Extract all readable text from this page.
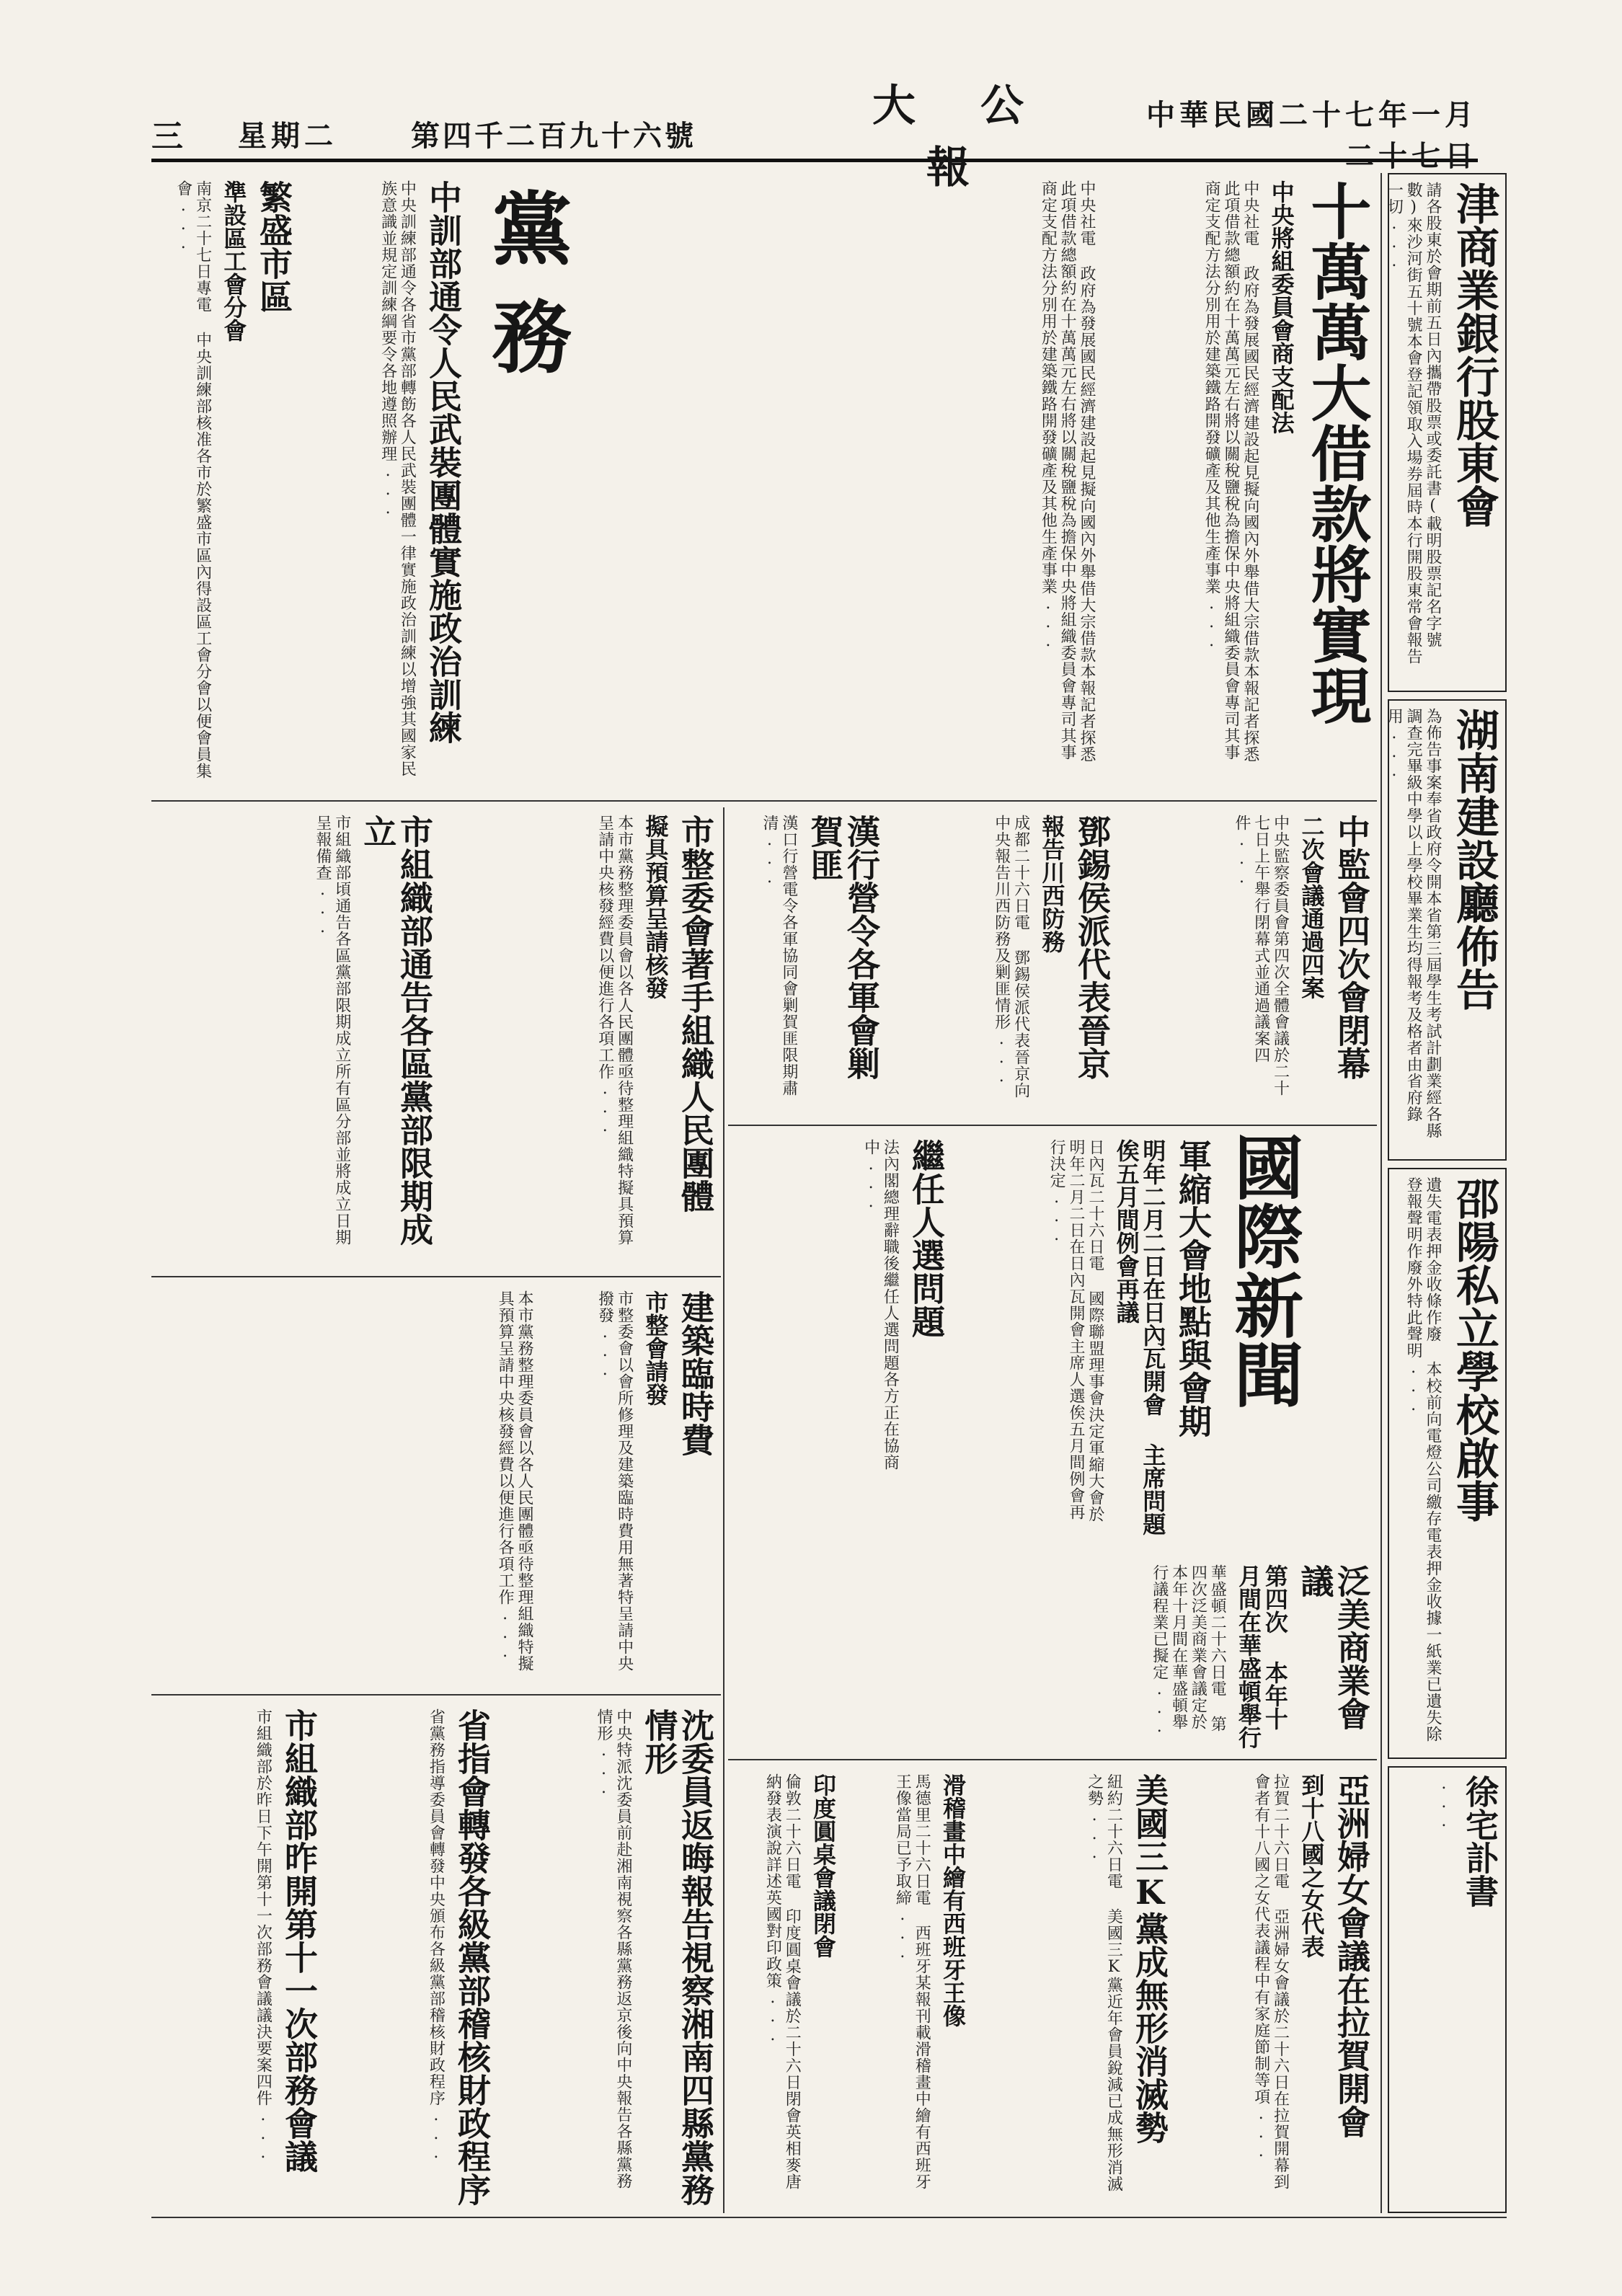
三	星期二	第四千二百九十六號
大公報
中華民國二十七年一月二十七日
津商業銀行股東會
請各股東於會期前五日內攜帶股票或委託書(載明股票記名字號數)來沙河街五十號本會登記領取入場券屆時本行開股東常會報告一切...
湖南建設廳佈告
為佈告事案奉省政府令開本省第三屆學生考試計劃業經各縣調查完畢級中學以上學校畢業生均得報考及格者由省府錄用...
邵陽私立學校啟事
遺失電表押金收條作廢 本校前向電燈公司繳存電表押金收據一紙業已遺失除登報聲明作廢外特此聲明...
徐宅訃書
...
黨務	十萬萬大借款將實現
中央將組委員會商支配法
中央社電 政府為發展國民經濟建設起見擬向國內外舉借大宗借款本報記者探悉此項借款總額約在十萬萬元左右將以關稅鹽稅為擔保中央將組織委員會專司其事商定支配方法分別用於建築鐵路開發礦產及其他生產事業...
中央社電 政府為發展國民經濟建設起見擬向國內外舉借大宗借款本報記者探悉此項借款總額約在十萬萬元左右將以關稅鹽稅為擔保中央將組織委員會專司其事商定支配方法分別用於建築鐵路開發礦產及其他生產事業...
中訓部通令人民武裝團體實施政治訓練
中央訓練部通令各省市黨部轉飭各人民武裝團體一律實施政治訓練以增強其國家民族意識並規定訓練綱要令各地遵照辦理...
繁盛市區
準設區工會分會
南京二十七日專電 中央訓練部核准各市於繁盛市區內得設區工會分會以便會員集會...
中監會四次會閉幕
二次會議通過四案
中央監察委員會第四次全體會議於二十七日上午舉行閉幕式並通過議案四件...
鄧錫侯派代表晉京
報告川西防務
成都二十六日電 鄧錫侯派代表晉京向中央報告川西防務及剿匪情形...
漢行營令各軍會剿賀匪
漢口行營電令各軍協同會剿賀匪限期肅清...
市整委會著手組織人民團體
擬具預算呈請核發
本市黨務整理委員會以各人民團體亟待整理組織特擬具預算呈請中央核發經費以便進行各項工作...
市組織部通告各區黨部限期成立
市組織部頃通告各區黨部限期成立所有區分部並將成立日期呈報備查...
國際新聞
軍縮大會地點與會期
明年二月二日在日內瓦開會 主席問題俟五月間例會再議
日內瓦二十六日電 國際聯盟理事會決定軍縮大會於明年二月二日在日內瓦開會主席人選俟五月間例會再行決定...
繼任人選問題
法內閣總理辭職後繼任人選問題各方正在協商中...
泛美商業會議
第四次 本年十月間在華盛頓舉行
華盛頓二十六日電 第四次泛美商業會議定於本年十月間在華盛頓舉行議程業已擬定...
亞洲婦女會議在拉賀開會
到十八國之女代表
拉賀二十六日電 亞洲婦女會議於二十六日在拉賀開幕到會者有十八國之女代表議程中有家庭節制等項...
美國三K黨成無形消滅勢
紐約二十六日電 美國三K黨近年會員銳減已成無形消滅之勢...
滑稽畫中繪有西班牙王像
馬德里二十六日電 西班牙某報刊載滑稽畫中繪有西班牙王像當局已予取締...
印度圓桌會議閉會
倫敦二十六日電 印度圓桌會議於二十六日閉會英相麥唐納發表演說詳述英國對印政策...
建築臨時費
市整會請發
市整委會以會所修理及建築臨時費用無著特呈請中央撥發...
本市黨務整理委員會以各人民團體亟待整理組織特擬具預算呈請中央核發經費以便進行各項工作...
沈委員返晦報告視察湘南四縣黨務情形
中央特派沈委員前赴湘南視察各縣黨務返京後向中央報告各縣黨務情形...
省指會轉發各級黨部稽核財政程序
省黨務指導委員會轉發中央頒布各級黨部稽核財政程序...
市組織部昨開第十一次部務會議
市組織部於昨日下午開第十一次部務會議議決要案四件...
